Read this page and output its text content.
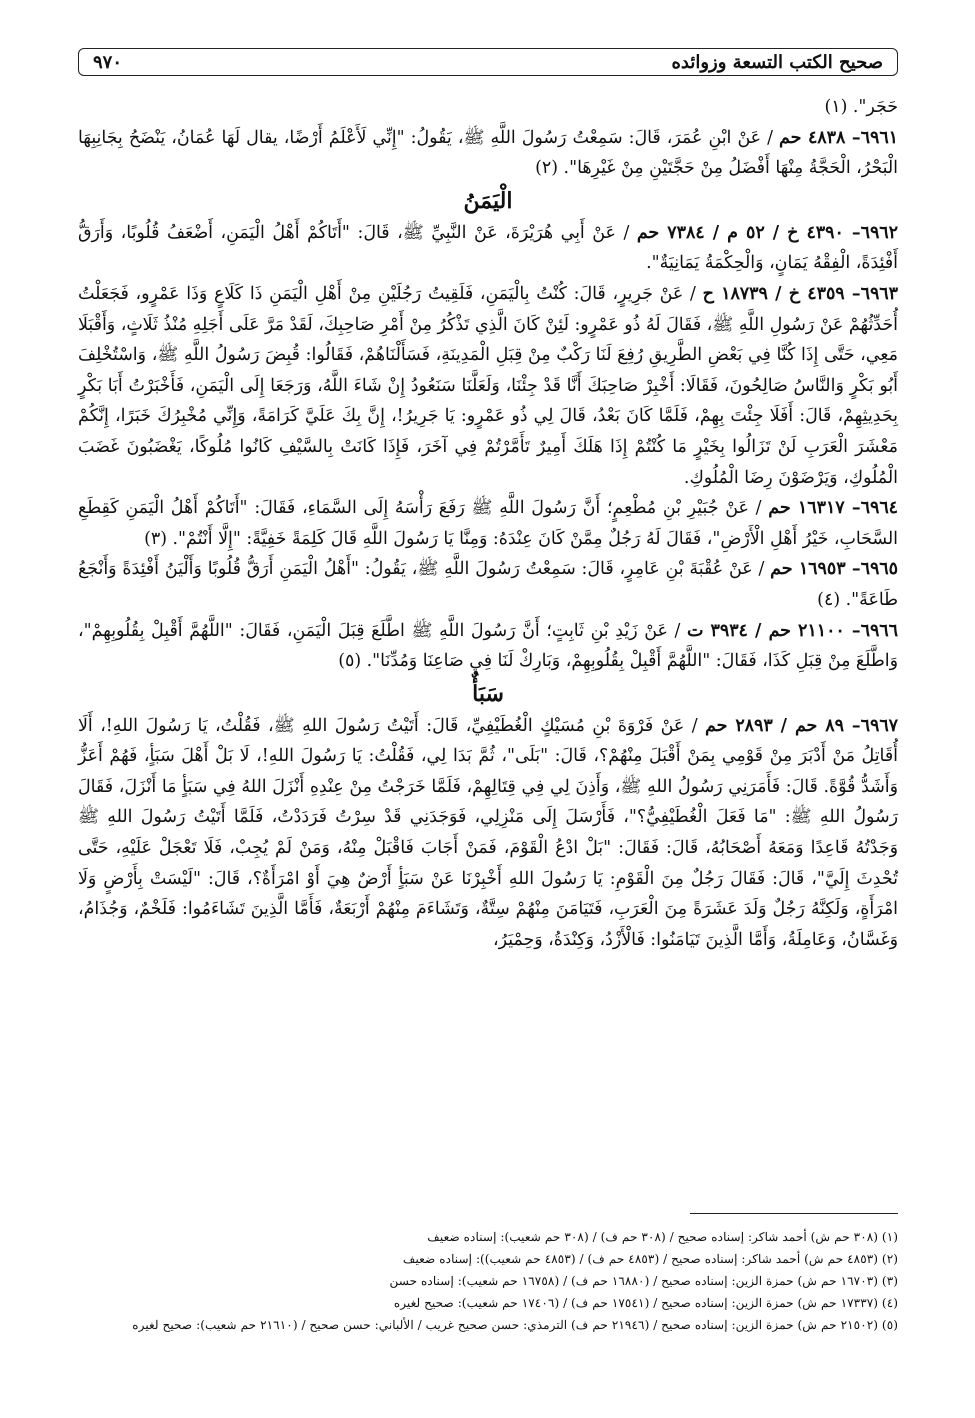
صحيح الكتب التسعة وزوائده
٩٧٠

حَجَر". (١)

٦٩٦١– ٤٨٣٨ حم / عَنْ ابْنِ عُمَرَ، قَالَ: سَمِعْتُ رَسُولَ اللَّهِ ﷺ، يَقُولُ: "إِنِّي لَأَعْلَمُ أَرْضًا، يقال لَهَا عُمَانُ، يَنْضَحُ بِجَانِبِهَا الْبَحْرُ، الْحَجَّةُ مِنْهَا أَفْضَلُ مِنْ حَجَّتَيْنِ مِنْ غَيْرِهَا". (٢)

الْيَمَنُ

٦٩٦٢– ٤٣٩٠ خ / ٥٢ م / ٧٣٨٤ حم / عَنْ أَبِي هُرَيْرَةَ، عَنْ النَّبِيِّ ﷺ، قَالَ: "أَتَاكُمْ أَهْلُ الْيَمَنِ، أَضْعَفُ قُلُوبًا، وَأَرَقُّ أَفْئِدَةً، الْفِقْهُ يَمَانٍ، وَالْحِكْمَةُ يَمَانِيَةٌ".

٦٩٦٣– ٤٣٥٩ خ / ١٨٧٣٩ ح / عَنْ جَرِيرٍ، قَالَ: كُنْتُ بِالْيَمَنِ، فَلَقِيتُ رَجُلَيْنِ مِنْ أَهْلِ الْيَمَنِ ذَا كَلَاعٍ وَذَا عَمْرٍو، فَجَعَلْتُ أُحَدِّثُهُمْ عَنْ رَسُولِ اللَّهِ ﷺ، فَقَالَ لَهُ ذُو عَمْرٍو: لَئِنْ كَانَ الَّذِي تَذْكُرُ مِنْ أَمْرِ صَاحِبِكَ، لَقَدْ مَرَّ عَلَى أَجَلِهِ مُنْذُ ثَلَاثٍ، وَأَقْبَلَا مَعِي، حَتَّى إِذَا كُنَّا فِي بَعْضِ الطَّرِيقِ رُفِعَ لَنَا رَكْبٌ مِنْ قِبَلِ الْمَدِينَةِ، فَسَأَلْنَاهُمْ، فَقَالُوا: قُبِضَ رَسُولُ اللَّهِ ﷺ، وَاسْتُخْلِفَ أَبُو بَكْرٍ وَالنَّاسُ صَالِحُونَ، فَقَالَا: أَخْبِرْ صَاحِبَكَ أَنَّا قَدْ جِئْنَا، وَلَعَلَّنَا سَنَعُودُ إِنْ شَاءَ اللَّهُ، وَرَجَعَا إِلَى الْيَمَنِ، فَأَخْبَرْتُ أَبَا بَكْرٍ بِحَدِيثِهِمْ، قَالَ: أَفَلَا جِئْتَ بِهِمْ، فَلَمَّا كَانَ بَعْدُ، قَالَ لِي ذُو عَمْرٍو: يَا جَرِيرُ!، إِنَّ بِكَ عَلَيَّ كَرَامَةً، وَإِنِّي مُخْبِرُكَ خَبَرًا، إِنَّكُمْ مَعْشَرَ الْعَرَبِ لَنْ تَزَالُوا بِخَيْرٍ مَا كُنْتُمْ إِذَا هَلَكَ أَمِيرٌ تَأَمَّرْتُمْ فِي آخَرَ، فَإِذَا كَانَتْ بِالسَّيْفِ كَانُوا مُلُوكًا، يَغْضَبُونَ غَضَبَ الْمُلُوكِ، وَيَرْضَوْنَ رِضَا الْمُلُوكِ.

٦٩٦٤– ١٦٣١٧ حم / عَنْ جُبَيْرِ بْنِ مُطْعِمٍ؛ أَنَّ رَسُولَ اللَّهِ ﷺ رَفَعَ رَأْسَهُ إِلَى السَّمَاءِ، فَقَالَ: "أَتَاكُمْ أَهْلُ الْيَمَنِ كَقِطَعِ السَّحَابِ، خَيْرُ أَهْلِ الْأَرْضِ"، فَقَالَ لَهُ رَجُلٌ مِمَّنْ كَانَ عِنْدَهُ: وَمِنَّا يَا رَسُولَ اللَّهِ قَالَ كَلِمَةً خَفِيَّةً: "إِلَّا أَنْتُمْ". (٣)

٦٩٦٥– ١٦٩٥٣ حم / عَنْ عُقْبَةَ بْنِ عَامِرٍ، قَالَ: سَمِعْتُ رَسُولَ اللَّهِ ﷺ، يَقُولُ: "أَهْلُ الْيَمَنِ أَرَقُّ قُلُوبًا وَأَلْيَنُ أَفْئِدَةً وَأَنْجَعُ طَاعَةً". (٤)

٦٩٦٦– ٢١١٠٠ حم / ٣٩٣٤ ت / عَنْ زَيْدِ بْنِ ثَابِتٍ؛ أَنَّ رَسُولَ اللَّهِ ﷺ اطَّلَعَ قِبَلَ الْيَمَنِ، فَقَالَ: "اللَّهُمَّ أَقْبِلْ بِقُلُوبِهِمْ"، وَاطَّلَعَ مِنْ قِبَلِ كَذَا، فَقَالَ: "اللَّهُمَّ أَقْبِلْ بِقُلُوبِهِمْ، وَبَارِكْ لَنَا فِي صَاعِنَا وَمُدِّنَا". (٥)

سَبَأٌ

٦٩٦٧– ٨٩ حم / ٢٨٩٣ حم / عَنْ فَرْوَةَ بْنِ مُسَيْكٍ الْغُطَيْفِيِّ، قَالَ: أَتَيْتُ رَسُولَ اللهِ ﷺ، فَقُلْتُ، يَا رَسُولَ اللهِ!، أَلَا أُقَاتِلُ مَنْ أَدْبَرَ مِنْ قَوْمِي بِمَنْ أَقْبَلَ مِنْهُمْ؟، قَالَ: "بَلَى"، ثُمَّ بَدَا لِي، فَقُلْتُ: يَا رَسُولَ اللهِ!، لَا بَلْ أَهْلَ سَبَأٍ، فَهُمْ أَعَزُّ وَأَشَدُّ قُوَّةً. قَالَ: فَأَمَرَنِي رَسُولُ اللهِ ﷺ، وَأَذِنَ لِي فِي قِتَالِهِمْ، فَلَمَّا خَرَجْتُ مِنْ عِنْدِهِ أَنْزَلَ اللهُ فِي سَبَأٍ مَا أَنْزَلَ، فَقَالَ رَسُولُ اللهِ ﷺ: "مَا فَعَلَ الْغُطَيْفِيُّ؟"، فَأَرْسَلَ إِلَى مَنْزِلِي، فَوَجَدَنِي قَدْ سِرْتُ فَرَدَدْتُ، فَلَمَّا أَتَيْتُ رَسُولَ اللهِ ﷺ وَجَدْتُهُ قَاعِدًا وَمَعَهُ أَصْحَابُهُ، قَالَ: فَقَالَ: "بَلْ ادْعُ الْقَوْمَ، فَمَنْ أَجَابَ فَاقْبَلْ مِنْهُ، وَمَنْ لَمْ يُجِبْ، فَلَا تَعْجَلْ عَلَيْهِ، حَتَّى تُحْدِثَ إِلَيَّ"، قَالَ: فَقَالَ رَجُلٌ مِنَ الْقَوْمِ: يَا رَسُولَ اللهِ أَخْبِرْنَا عَنْ سَبَأٍ أَرْضٌ هِيَ أَوْ امْرَأَةٌ؟، قَالَ: "لَيْسَتْ بِأَرْضٍ وَلَا امْرَأَةٍ، وَلَكِنَّهُ رَجُلٌ وَلَدَ عَشَرَةً مِنَ الْعَرَبِ، فَتَيَامَنَ مِنْهُمْ سِتَّةٌ، وَتَشَاءَمَ مِنْهُمْ أَرْبَعَةٌ، فَأَمَّا الَّذِينَ تَشَاءَمُوا: فَلَخْمٌ، وَجُذَامُ، وَغَسَّانُ، وَعَامِلَةُ، وَأَمَّا الَّذِينَ تَيَامَنُوا: فَالْأَزْدُ، وَكِنْدَةُ، وَحِمْيَرُ،

(١) (٣٠٨ حم ش) أحمد شاكر: إسناده صحيح / (٣٠٨ حم ف) / (٣٠٨ حم شعيب): إسناده ضعيف

(٢) (٤٨٥٣ حم ش) أحمد شاكر: إسناده صحيح / (٤٨٥٣ حم ف) / (٤٨٥٣ حم شعيب)): إسناده ضعيف

(٣) (١٦٧٠٣ حم ش) حمزة الزين: إسناده صحيح / (١٦٨٨٠ حم ف) / (١٦٧٥٨ حم شعيب): إسناده حسن

(٤) (١٧٣٣٧ حم ش) حمزة الزين: إسناده صحيح / (١٧٥٤١ حم ف) / (١٧٤٠٦ حم شعيب): صحيح لغيره

(٥) (٢١٥٠٢ حم ش) حمزة الزين: إسناده صحيح / (٢١٩٤٦ حم ف) الترمذي: حسن صحيح غريب / الألباني: حسن صحيح / (٢١٦١٠ حم شعيب): صحيح لغيره
